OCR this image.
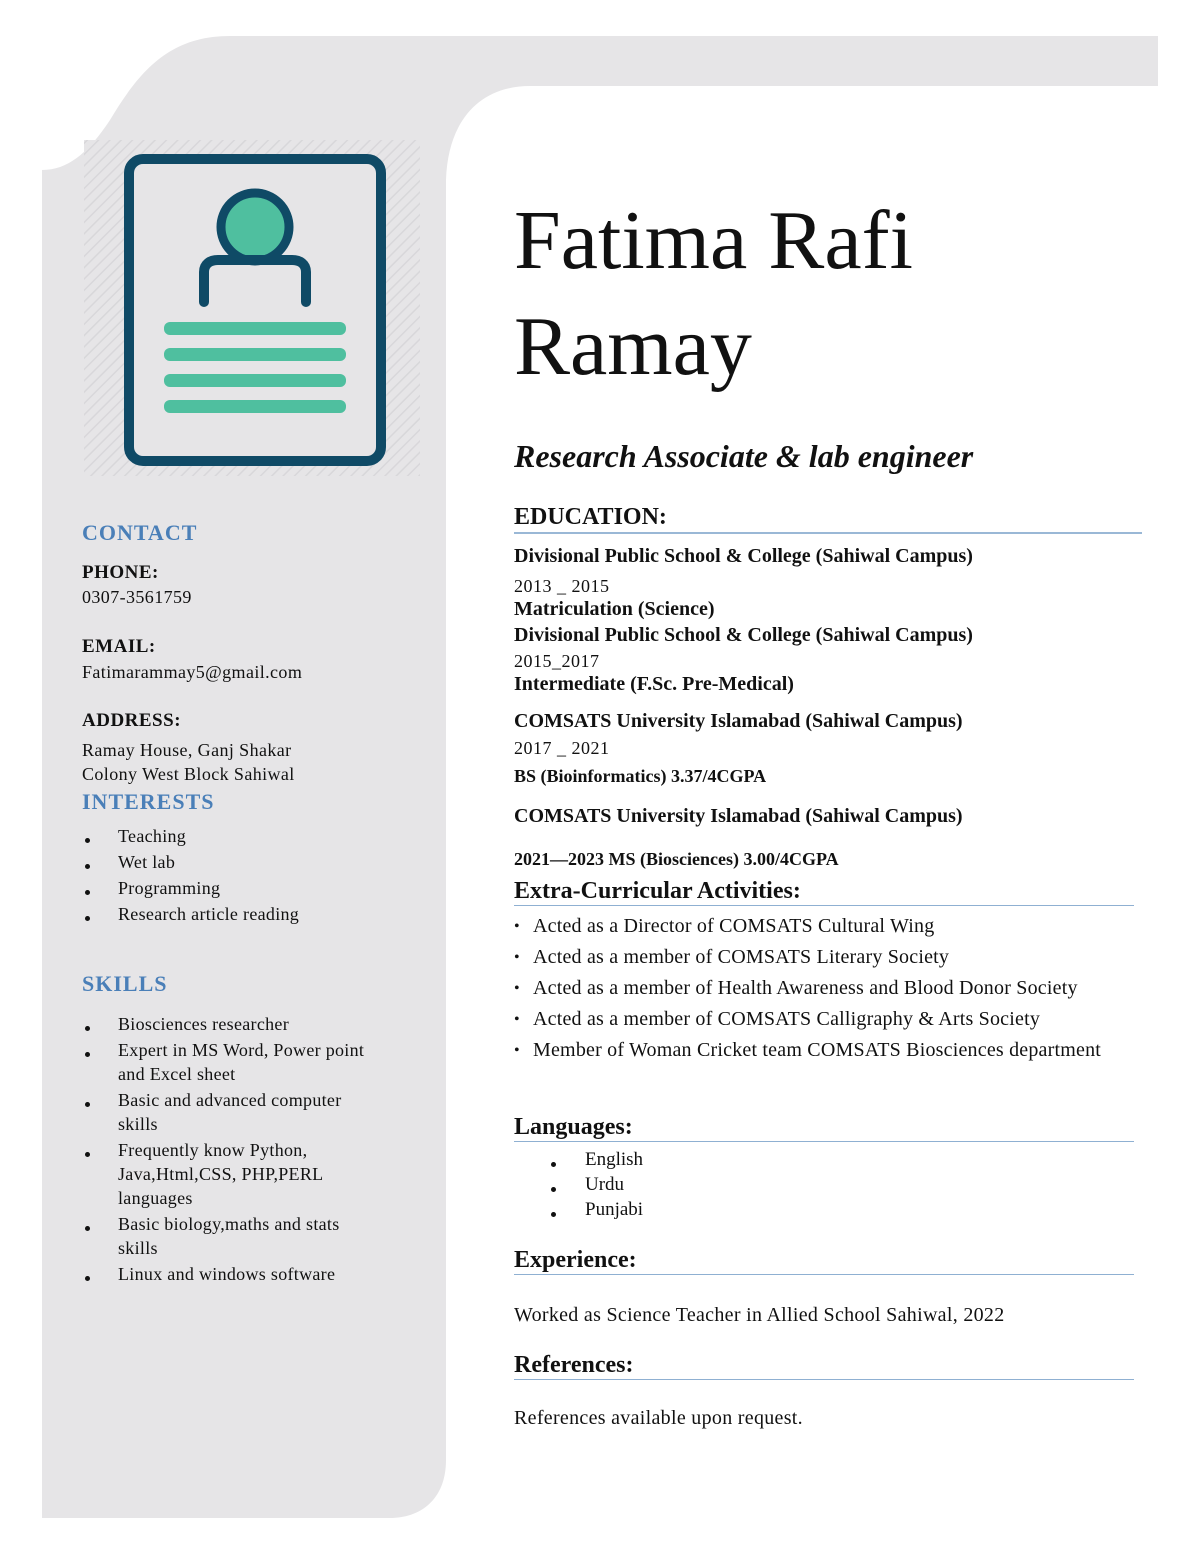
CONTACT
PHONE:
0307-3561759
EMAIL:
Fatimarammay5@gmail.com
ADDRESS:
Ramay House, Ganj Shakar
Colony West Block Sahiwal
INTERESTS
Teaching
Wet lab
Programming
Research article reading
SKILLS
Biosciences researcher
Expert in MS Word, Power point and Excel sheet
Basic and advanced computer skills
Frequently know Python, Java,Html,CSS, PHP,PERL languages
Basic biology,maths and stats skills
Linux and windows software
Fatima Rafi
Ramay
Research Associate & lab engineer
EDUCATION:
Divisional Public School & College (Sahiwal Campus)
2013 _ 2015
Matriculation (Science)
Divisional Public School & College (Sahiwal Campus)
2015_2017
Intermediate (F.Sc. Pre-Medical)
COMSATS University Islamabad (Sahiwal Campus)
2017 _ 2021
BS (Bioinformatics) 3.37/4CGPA
COMSATS University Islamabad (Sahiwal Campus)
2021—2023 MS (Biosciences) 3.00/4CGPA
Extra-Curricular Activities:
• Acted as a Director of COMSATS Cultural Wing
• Acted as a member of COMSATS Literary Society
• Acted as a member of Health Awareness and Blood Donor Society
• Acted as a member of COMSATS Calligraphy & Arts Society
• Member of Woman Cricket team COMSATS Biosciences department
Languages:
English
Urdu
Punjabi
Experience:
Worked as Science Teacher in Allied School Sahiwal, 2022
References:
References available upon request.
